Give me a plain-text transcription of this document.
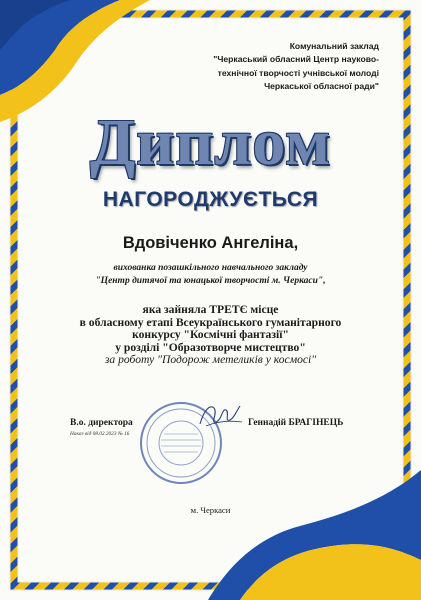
Комунальний заклад
"Черкаський обласний Центр науково-
технічної творчості учнівської молоді
Черкаської обласної ради"
Диплом
НАГОРОДЖУЄТЬСЯ
Вдовіченко Ангеліна,
вихованка позашкільного навчального закладу
"Центр дитячої та юнацької творчості м. Черкаси",
яка зайняла ТРЕТЄ місце
в обласному етапі Всеукраїнського гуманітарного
конкурсу "Космічні фантазії"
у розділі "Образотворче мистецтво"
за роботу "Подорож метеликів у космосі"
В.о. директора
Наказ від 08.02.2023 № 16
Геннадій БРАГІНЕЦЬ
м. Черкаси
